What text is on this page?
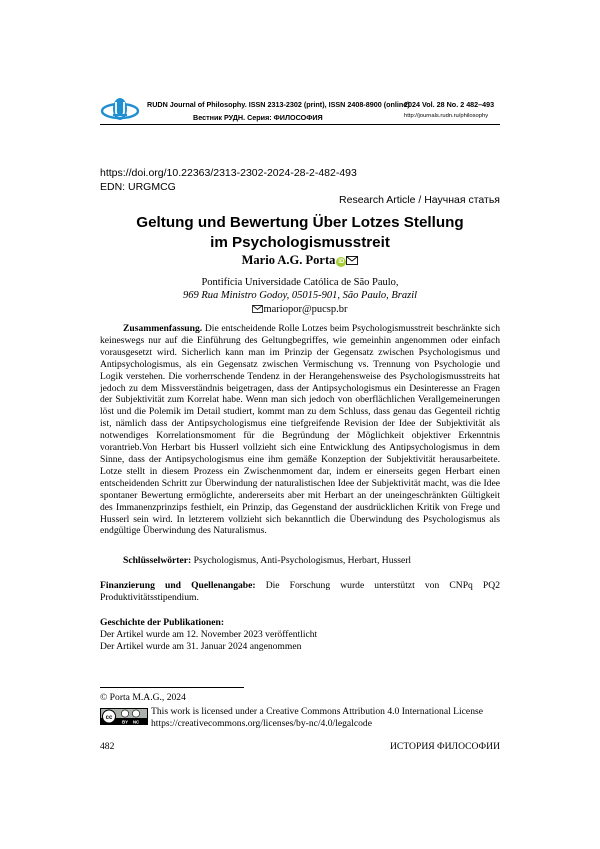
RUDN Journal of Philosophy. ISSN 2313-2302 (print), ISSN 2408-8900 (online)
Вестник РУДН. Серия: ФИЛОСОФИЯ
2024 Vol. 28 No. 2 482–493
http://journals.rudn.ru/philosophy
https://doi.org/10.22363/2313-2302-2024-28-2-482-493
EDN: URGMCG
Research Article / Научная статья
Geltung und Bewertung Über Lotzes Stellung
im Psychologismusstreit
Mario A.G. Porta iD
Pontifícia Universidade Católica de São Paulo,
969 Rua Ministro Godoy, 05015-901, São Paulo, Brazil
mariopor@pucsp.br

Zusammenfassung. Die entscheidende Rolle Lotzes beim Psychologismusstreit beschränkte sich keineswegs nur auf die Einführung des Geltungbegriffes, wie gemeinhin angenommen oder einfach vorausgesetzt wird. Sicherlich kann man im Prinzip der Gegensatz zwischen Psychologismus und Antipsychologismus, als ein Gegensatz zwischen Vermischung vs. Trennung von Psychologie und Logik verstehen. Die vorherrschende Tendenz in der Herangehensweise des Psychologismusstreits hat jedoch zu dem Missverständnis beigetragen, dass der Antipsychologismus ein Desinteresse an Fragen der Subjektivität zum Korrelat habe. Wenn man sich jedoch von oberflächlichen Verallgemeinerungen löst und die Polemik im Detail studiert, kommt man zu dem Schluss, dass genau das Gegenteil richtig ist, nämlich dass der Antipsychologismus eine tiefgreifende Revision der Idee der Subjektivität als notwendiges Korrelationsmoment für die Begründung der Möglichkeit objektiver Erkenntnis vorantrieb.Von Herbart bis Husserl vollzieht sich eine Entwicklung des Antipsychologismus in dem Sinne, dass der Antipsychologismus eine ihm gemäße Konzeption der Subjektivität herausarbeitete. Lotze stellt in diesem Prozess ein Zwischenmoment dar, indem er einerseits gegen Herbart einen entscheidenden Schritt zur Überwindung der naturalistischen Idee der Subjektivität macht, was die Idee spontaner Bewertung ermöglichte, andererseits aber mit Herbart an der uneingeschränkten Gültigkeit des Immanenzprinzips festhielt, ein Prinzip, das Gegenstand der ausdrücklichen Kritik von Frege und Husserl sein wird. In letzterem vollzieht sich bekanntlich die Überwindung des Psychologismus als endgültige Überwindung des Naturalismus.

Schlüsselwörter: Psychologismus, Anti-Psychologismus, Herbart, Husserl
Finanzierung und Quellenangabe: Die Forschung wurde unterstützt von CNPq PQ2 Produktivitätsstipendium.
Geschichte der Publikationen:
Der Artikel wurde am 12. November 2023 veröffentlicht
Der Artikel wurde am 31. Januar 2024 angenommen
© Porta M.A.G., 2024
cc
BY NC
This work is licensed under a Creative Commons Attribution 4.0 International License
https://creativecommons.org/licenses/by-nc/4.0/legalcode
482	ИСТОРИЯ ФИЛОСОФИИ
